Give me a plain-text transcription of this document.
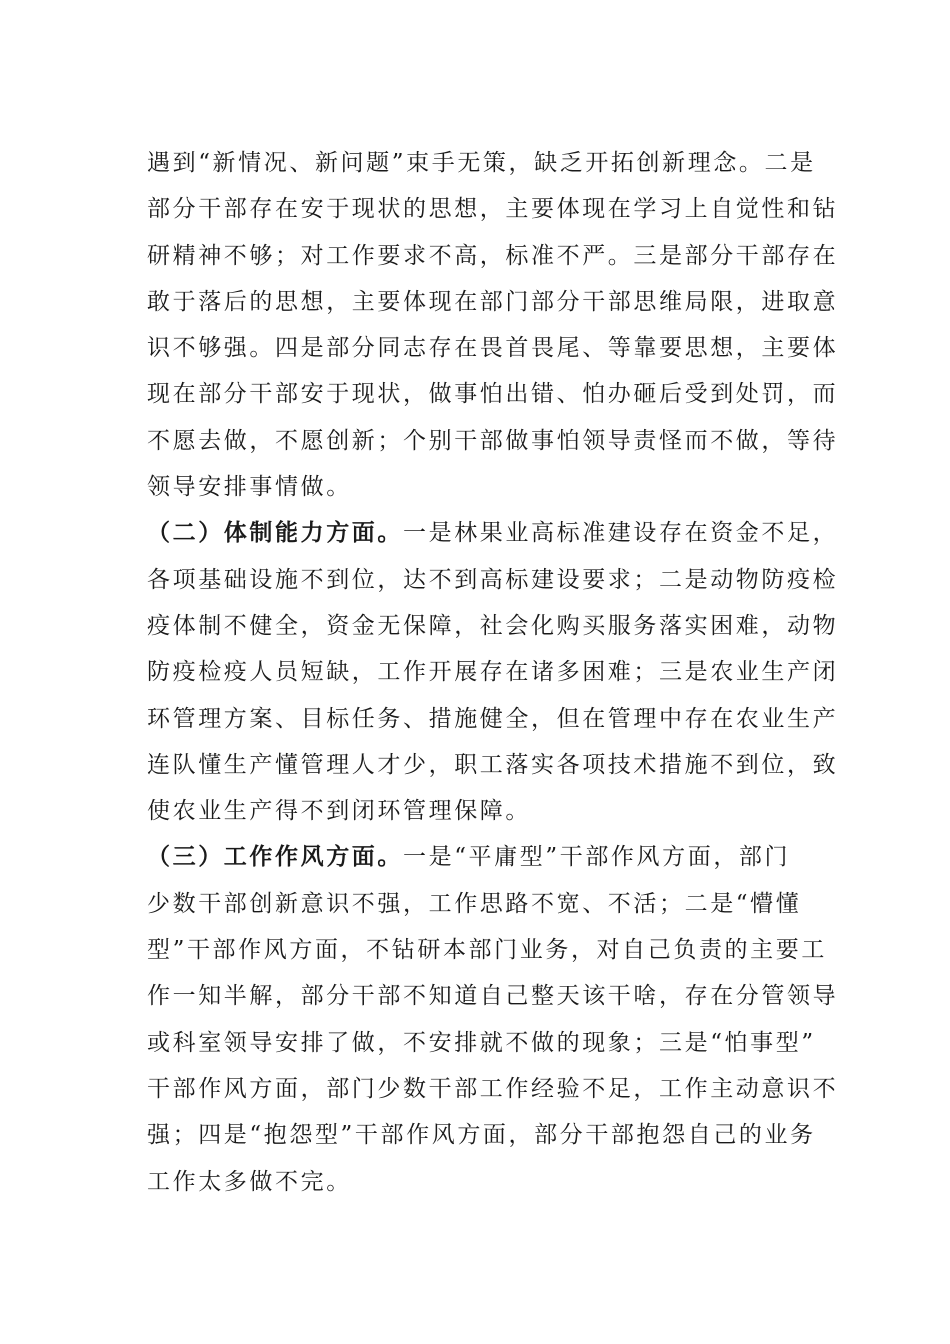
遇到“新情况、新问题”束手无策，缺乏开拓创新理念。二是
部分干部存在安于现状的思想，主要体现在学习上自觉性和钻
研精神不够；对工作要求不高，标准不严。三是部分干部存在
敢于落后的思想，主要体现在部门部分干部思维局限，进取意
识不够强。四是部分同志存在畏首畏尾、等靠要思想，主要体
现在部分干部安于现状，做事怕出错、怕办砸后受到处罚，而
不愿去做，不愿创新；个别干部做事怕领导责怪而不做，等待
领导安排事情做。
（二）体制能力方面。一是林果业高标准建设存在资金不足，
各项基础设施不到位，达不到高标建设要求；二是动物防疫检
疫体制不健全，资金无保障，社会化购买服务落实困难，动物
防疫检疫人员短缺，工作开展存在诸多困难；三是农业生产闭
环管理方案、目标任务、措施健全，但在管理中存在农业生产
连队懂生产懂管理人才少，职工落实各项技术措施不到位，致
使农业生产得不到闭环管理保障。
（三）工作作风方面。一是“平庸型”干部作风方面，部门
少数干部创新意识不强，工作思路不宽、不活；二是“懵懂
型”干部作风方面，不钻研本部门业务，对自己负责的主要工
作一知半解，部分干部不知道自己整天该干啥，存在分管领导
或科室领导安排了做，不安排就不做的现象；三是“怕事型”
干部作风方面，部门少数干部工作经验不足，工作主动意识不
强；四是“抱怨型”干部作风方面，部分干部抱怨自己的业务
工作太多做不完。
